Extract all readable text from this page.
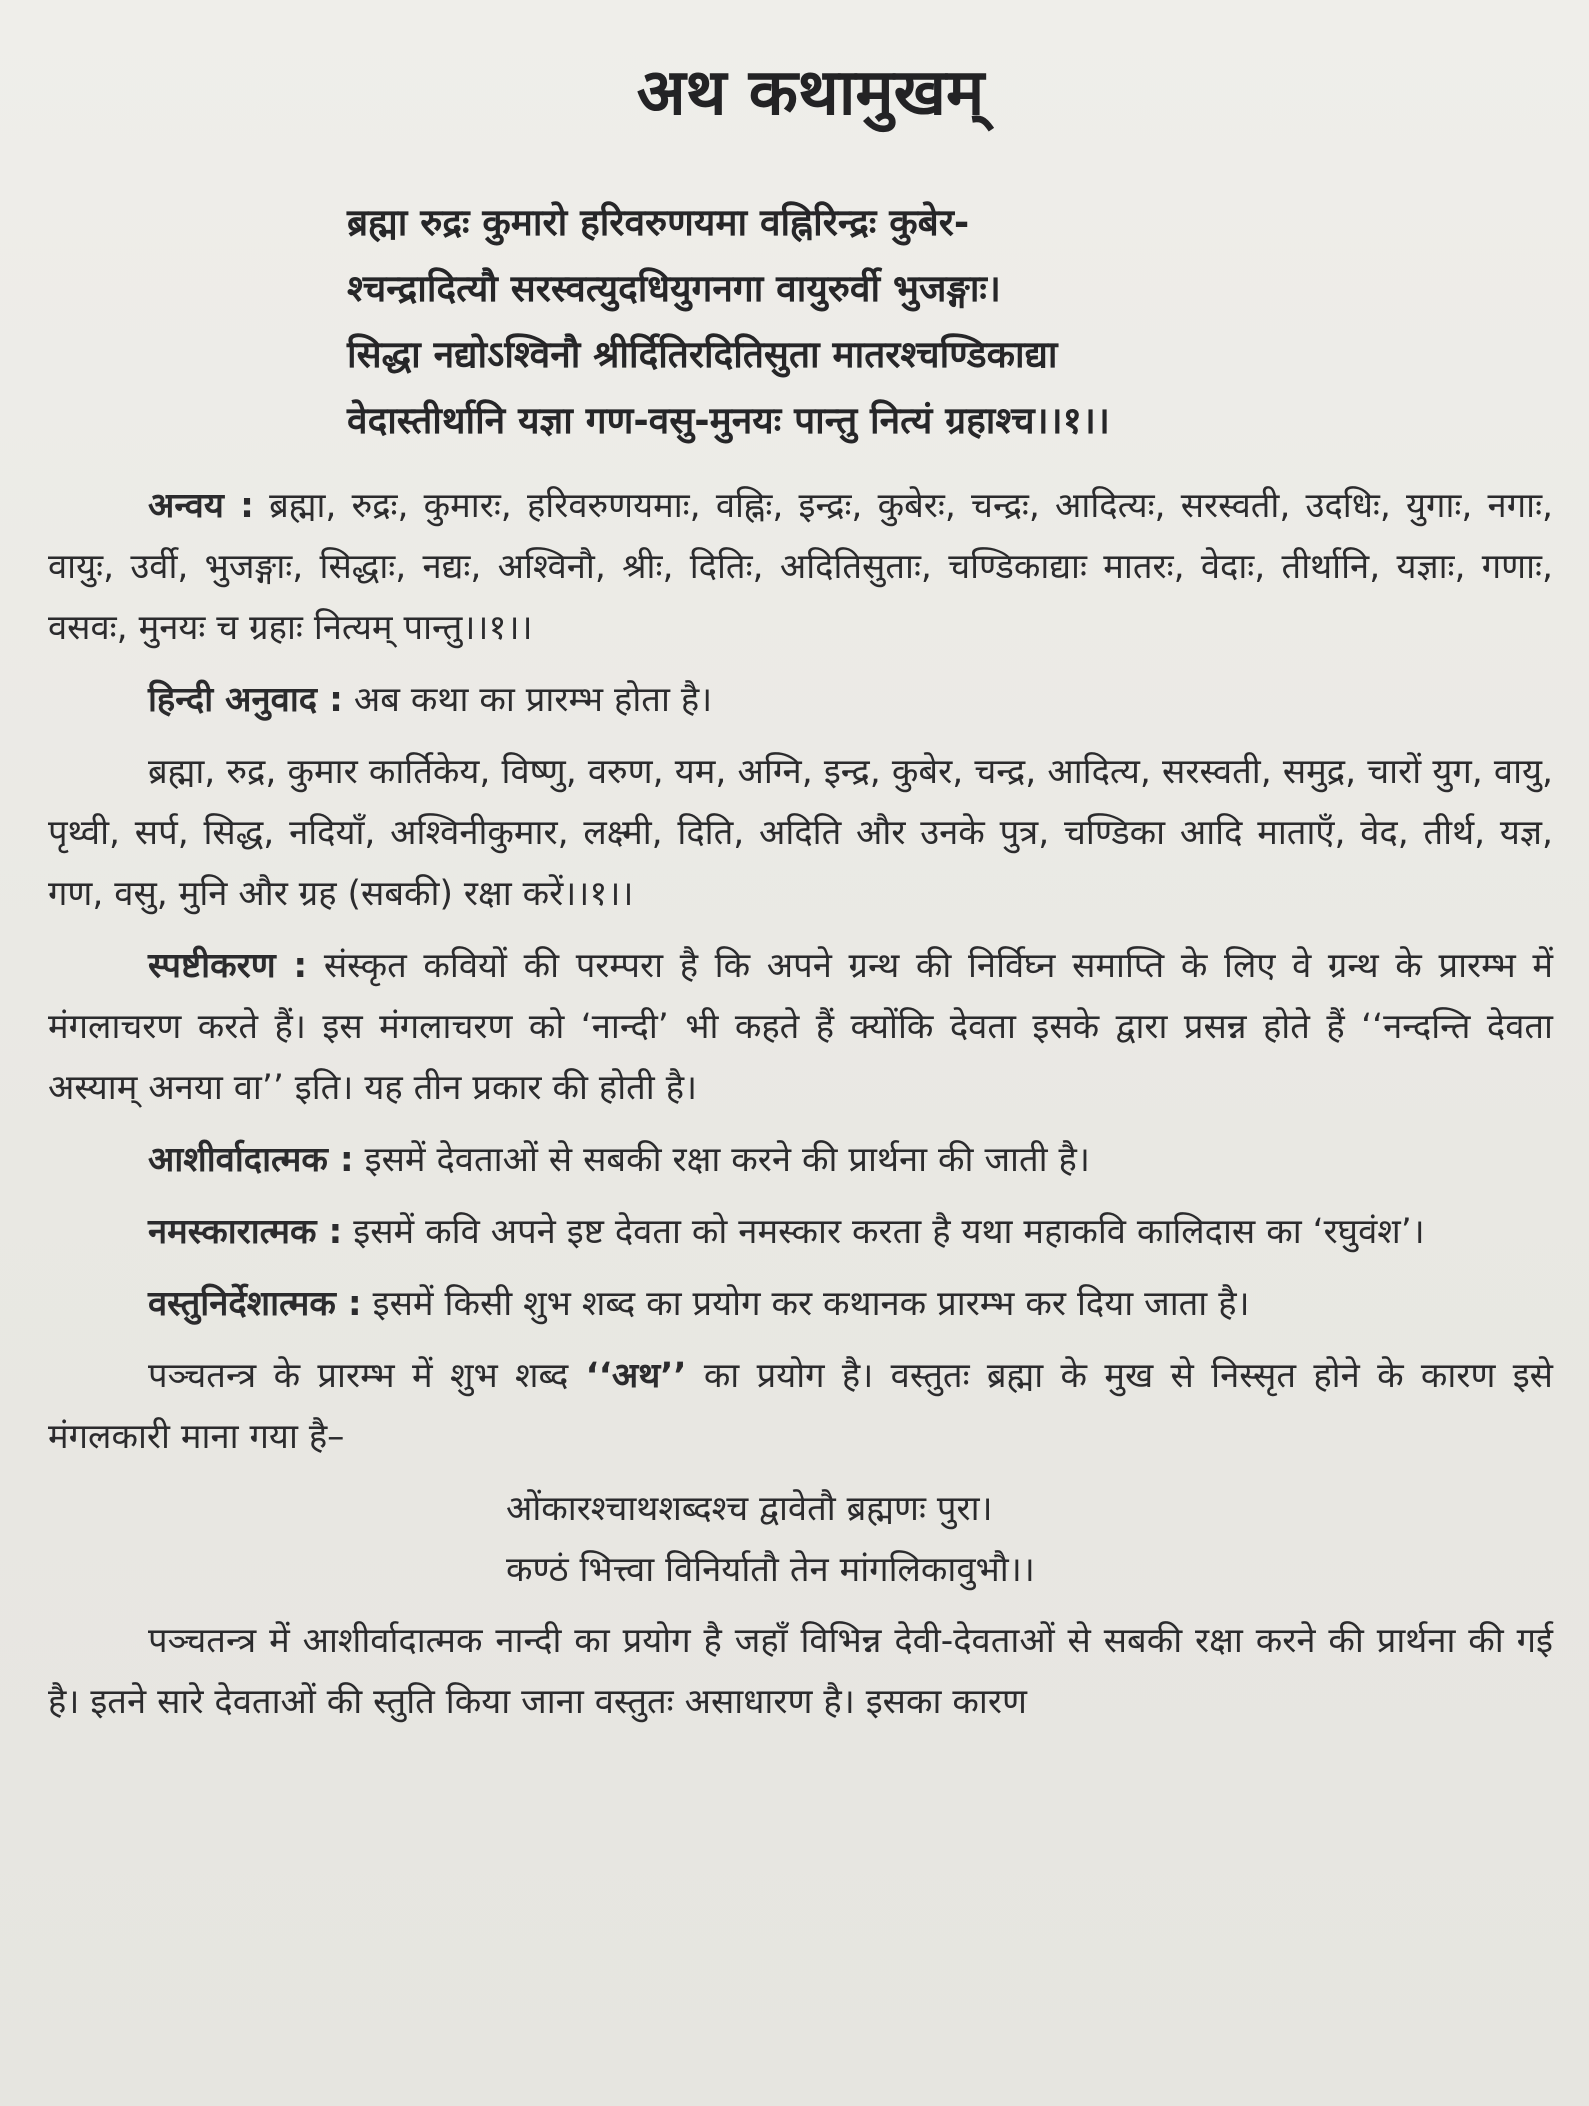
अथ कथामुखम्
ब्रह्मा रुद्रः कुमारो हरिवरुणयमा वह्निरिन्द्रः कुबेर-
श्चन्द्रादित्यौ सरस्वत्युदधियुगनगा वायुरुर्वी भुजङ्गाः।
सिद्धा नद्योऽश्विनौ श्रीर्दितिरदितिसुता मातरश्चण्डिकाद्या
वेदास्तीर्थानि यज्ञा गण-वसु-मुनयः पान्तु नित्यं ग्रहाश्च।।१।।

अन्वय : ब्रह्मा, रुद्रः, कुमारः, हरिवरुणयमाः, वह्निः, इन्द्रः, कुबेरः, चन्द्रः, आदित्यः, सरस्वती, उदधिः, युगाः, नगाः, वायुः, उर्वी, भुजङ्गाः, सिद्धाः, नद्यः, अश्विनौ, श्रीः, दितिः, अदितिसुताः, चण्डिकाद्याः मातरः, वेदाः, तीर्थानि, यज्ञाः, गणाः, वसवः, मुनयः च ग्रहाः नित्यम् पान्तु।।१।।

हिन्दी अनुवाद : अब कथा का प्रारम्भ होता है।

ब्रह्मा, रुद्र, कुमार कार्तिकेय, विष्णु, वरुण, यम, अग्नि, इन्द्र, कुबेर, चन्द्र, आदित्य, सरस्वती, समुद्र, चारों युग, वायु, पृथ्वी, सर्प, सिद्ध, नदियाँ, अश्विनीकुमार, लक्ष्मी, दिति, अदिति और उनके पुत्र, चण्डिका आदि माताएँ, वेद, तीर्थ, यज्ञ, गण, वसु, मुनि और ग्रह (सबकी) रक्षा करें।।१।।

स्पष्टीकरण : संस्कृत कवियों की परम्परा है कि अपने ग्रन्थ की निर्विघ्न समाप्ति के लिए वे ग्रन्थ के प्रारम्भ में मंगलाचरण करते हैं। इस मंगलाचरण को ‘नान्दी’ भी कहते हैं क्योंकि देवता इसके द्वारा प्रसन्न होते हैं ‘‘नन्दन्ति देवता अस्याम् अनया वा’’ इति। यह तीन प्रकार की होती है।

आशीर्वादात्मक : इसमें देवताओं से सबकी रक्षा करने की प्रार्थना की जाती है।

नमस्कारात्मक : इसमें कवि अपने इष्ट देवता को नमस्कार करता है यथा महाकवि कालिदास का ‘रघुवंश’।

वस्तुनिर्देशात्मक : इसमें किसी शुभ शब्द का प्रयोग कर कथानक प्रारम्भ कर दिया जाता है।

पञ्चतन्त्र के प्रारम्भ में शुभ शब्द ‘‘अथ’’ का प्रयोग है। वस्तुतः ब्रह्मा के मुख से निस्सृत होने के कारण इसे मंगलकारी माना गया है–

ओंकारश्चाथशब्दश्च द्वावेतौ ब्रह्मणः पुरा।
कण्ठं भित्त्वा विनिर्यातौ तेन मांगलिकावुभौ।।

पञ्चतन्त्र में आशीर्वादात्मक नान्दी का प्रयोग है जहाँ विभिन्न देवी-देवताओं से सबकी रक्षा करने की प्रार्थना की गई है। इतने सारे देवताओं की स्तुति किया जाना वस्तुतः असाधारण है। इसका कारण
